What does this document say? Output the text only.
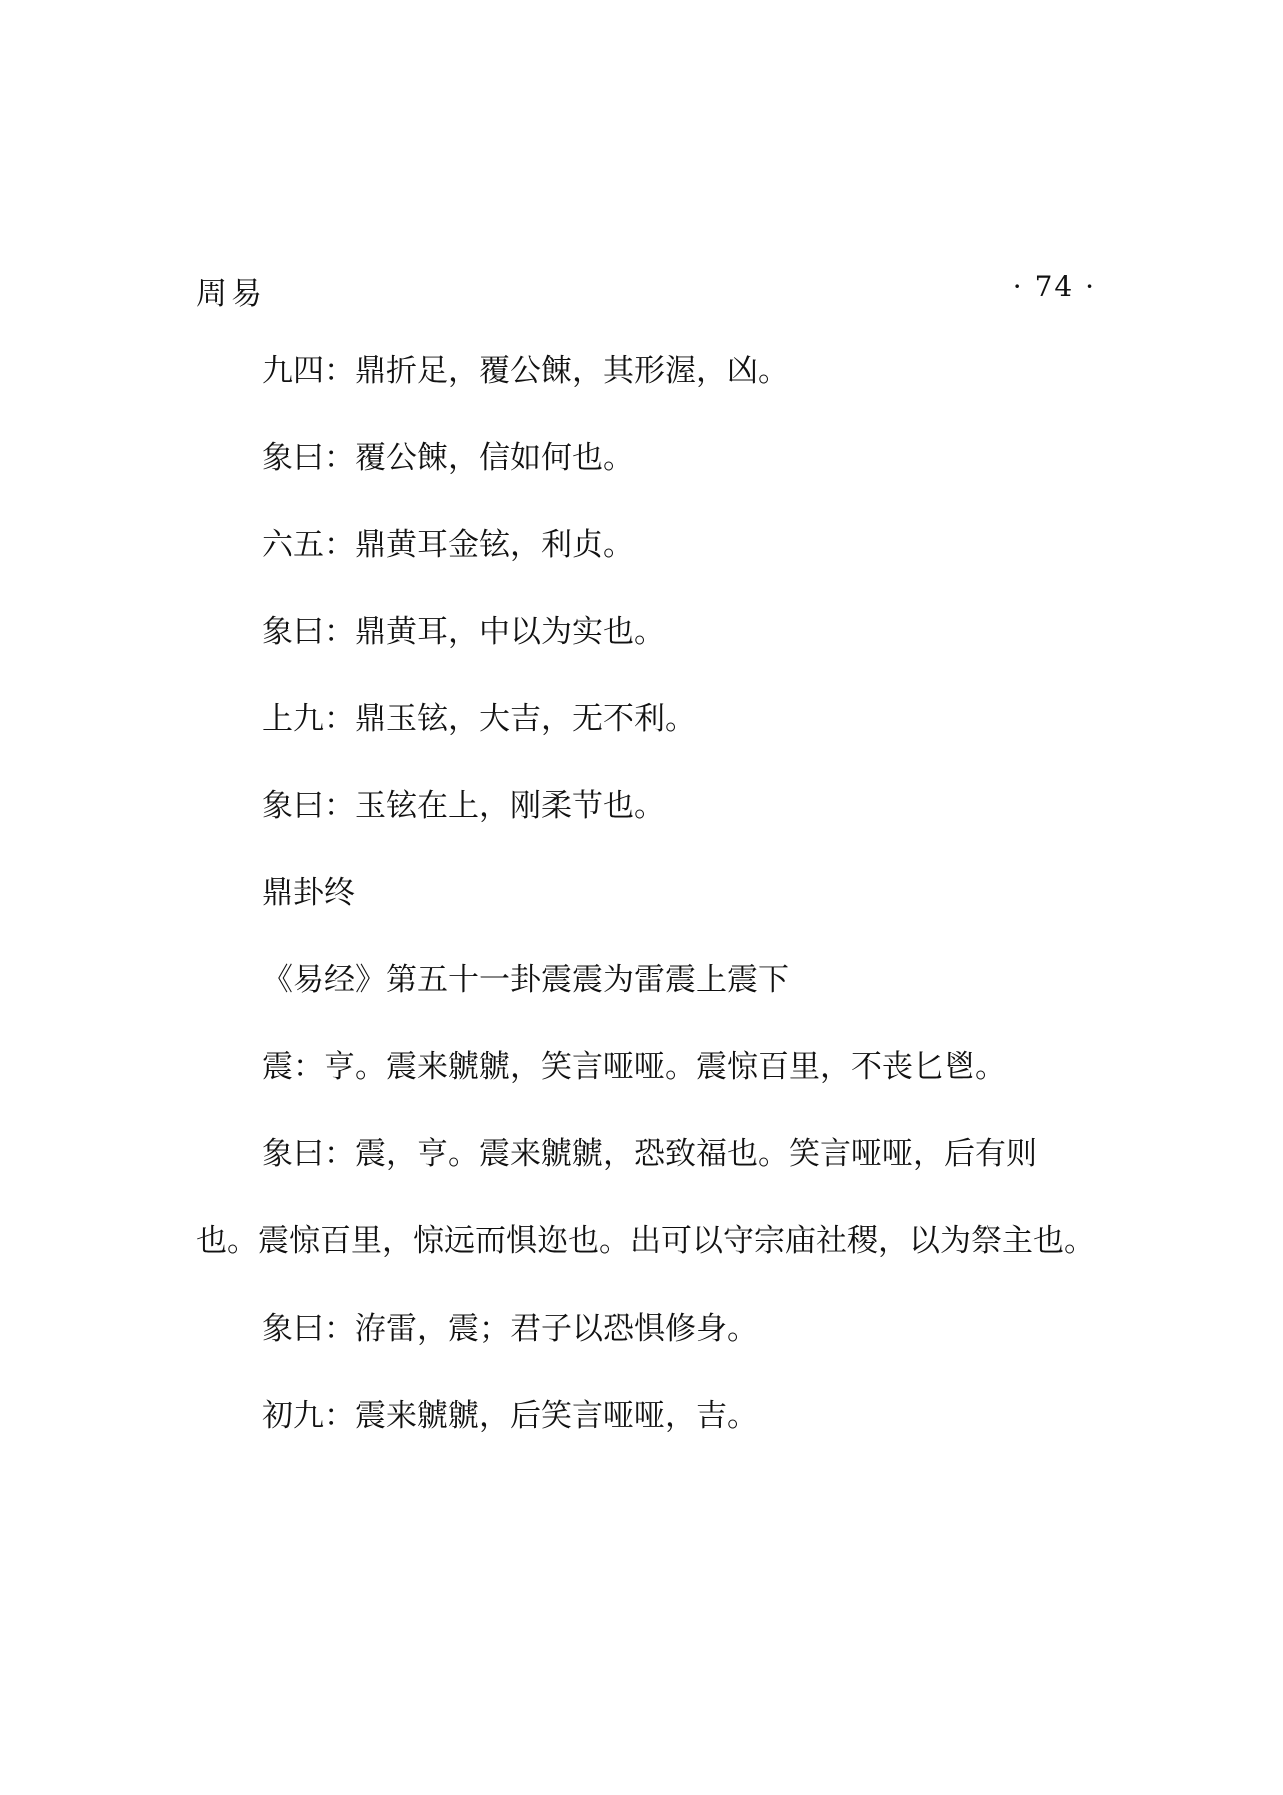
周易	· 74 ·

九四：鼎折足，覆公餗，其形渥，凶。

象曰：覆公餗，信如何也。

六五：鼎黄耳金铉，利贞。

象曰：鼎黄耳，中以为实也。

上九：鼎玉铉，大吉，无不利。

象曰：玉铉在上，刚柔节也。

鼎卦终

《易经》第五十一卦震震为雷震上震下

震：亨。震来虩虩，笑言哑哑。震惊百里，不丧匕鬯。

象曰：震，亨。震来虩虩，恐致福也。笑言哑哑，后有则也。震惊百里，惊远而惧迩也。出可以守宗庙社稷，以为祭主也。

象曰：洊雷，震；君子以恐惧修身。

初九：震来虩虩，后笑言哑哑，吉。
